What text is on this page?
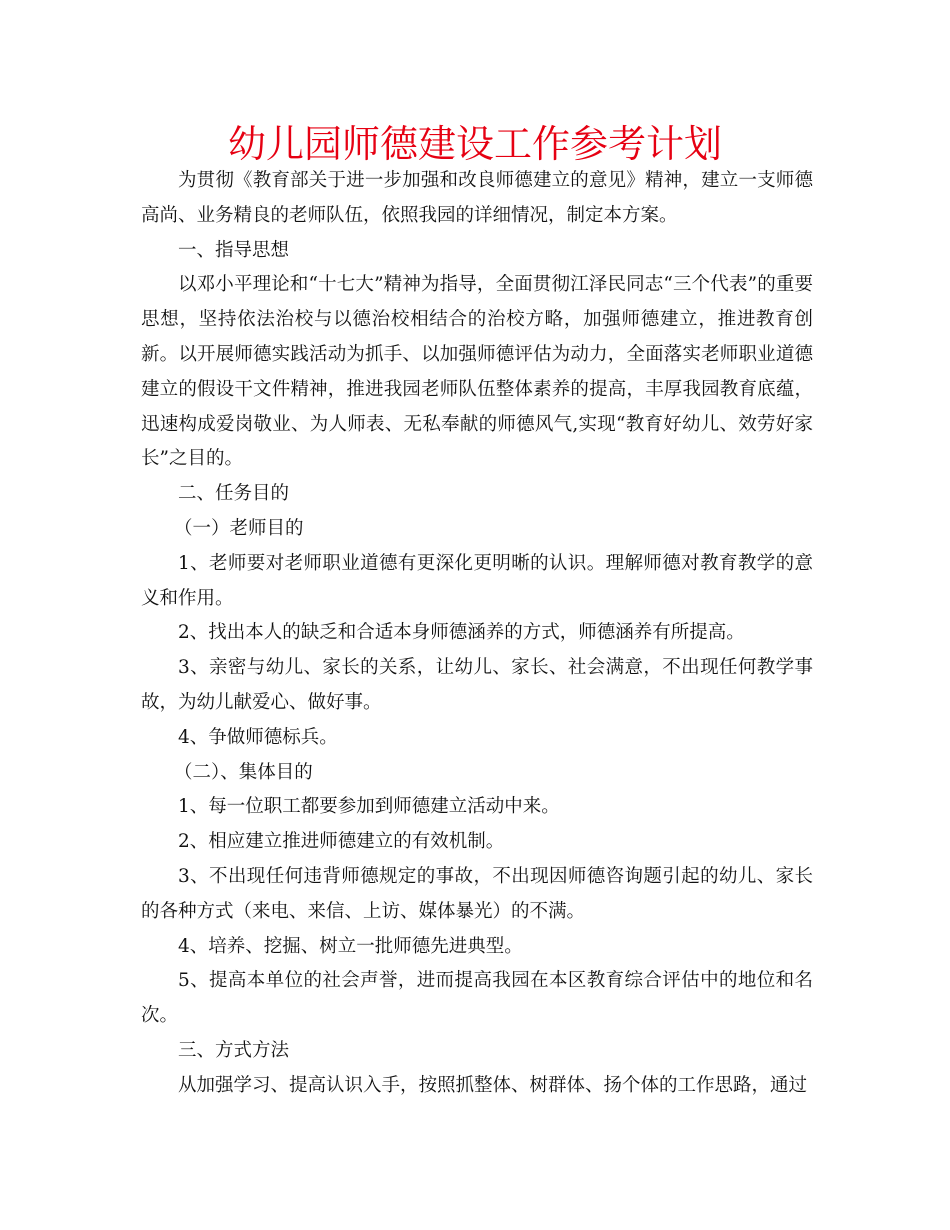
幼儿园师德建设工作参考计划

为贯彻《教育部关于进一步加强和改良师德建立的意见》精神，建立一支师德高尚、业务精良的老师队伍，依照我园的详细情况，制定本方案。

一、指导思想

以邓小平理论和“十七大”精神为指导，全面贯彻江泽民同志“三个代表”的重要思想，坚持依法治校与以德治校相结合的治校方略，加强师德建立，推进教育创新。以开展师德实践活动为抓手、以加强师德评估为动力，全面落实老师职业道德建立的假设干文件精神，推进我园老师队伍整体素养的提高，丰厚我园教育底蕴，迅速构成爱岗敬业、为人师表、无私奉献的师德风气,实现“教育好幼儿、效劳好家长”之目的。

二、任务目的

（一）老师目的

1、老师要对老师职业道德有更深化更明晰的认识。理解师德对教育教学的意义和作用。

2、找出本人的缺乏和合适本身师德涵养的方式，师德涵养有所提高。

3、亲密与幼儿、家长的关系，让幼儿、家长、社会满意，不出现任何教学事故，为幼儿献爱心、做好事。

4、争做师德标兵。

（二）、集体目的

1、每一位职工都要参加到师德建立活动中来。

2、相应建立推进师德建立的有效机制。

3、不出现任何违背师德规定的事故，不出现因师德咨询题引起的幼儿、家长的各种方式（来电、来信、上访、媒体暴光）的不满。

4、培养、挖掘、树立一批师德先进典型。

5、提高本单位的社会声誉，进而提高我园在本区教育综合评估中的地位和名次。

三、方式方法

从加强学习、提高认识入手，按照抓整体、树群体、扬个体的工作思路，通过
